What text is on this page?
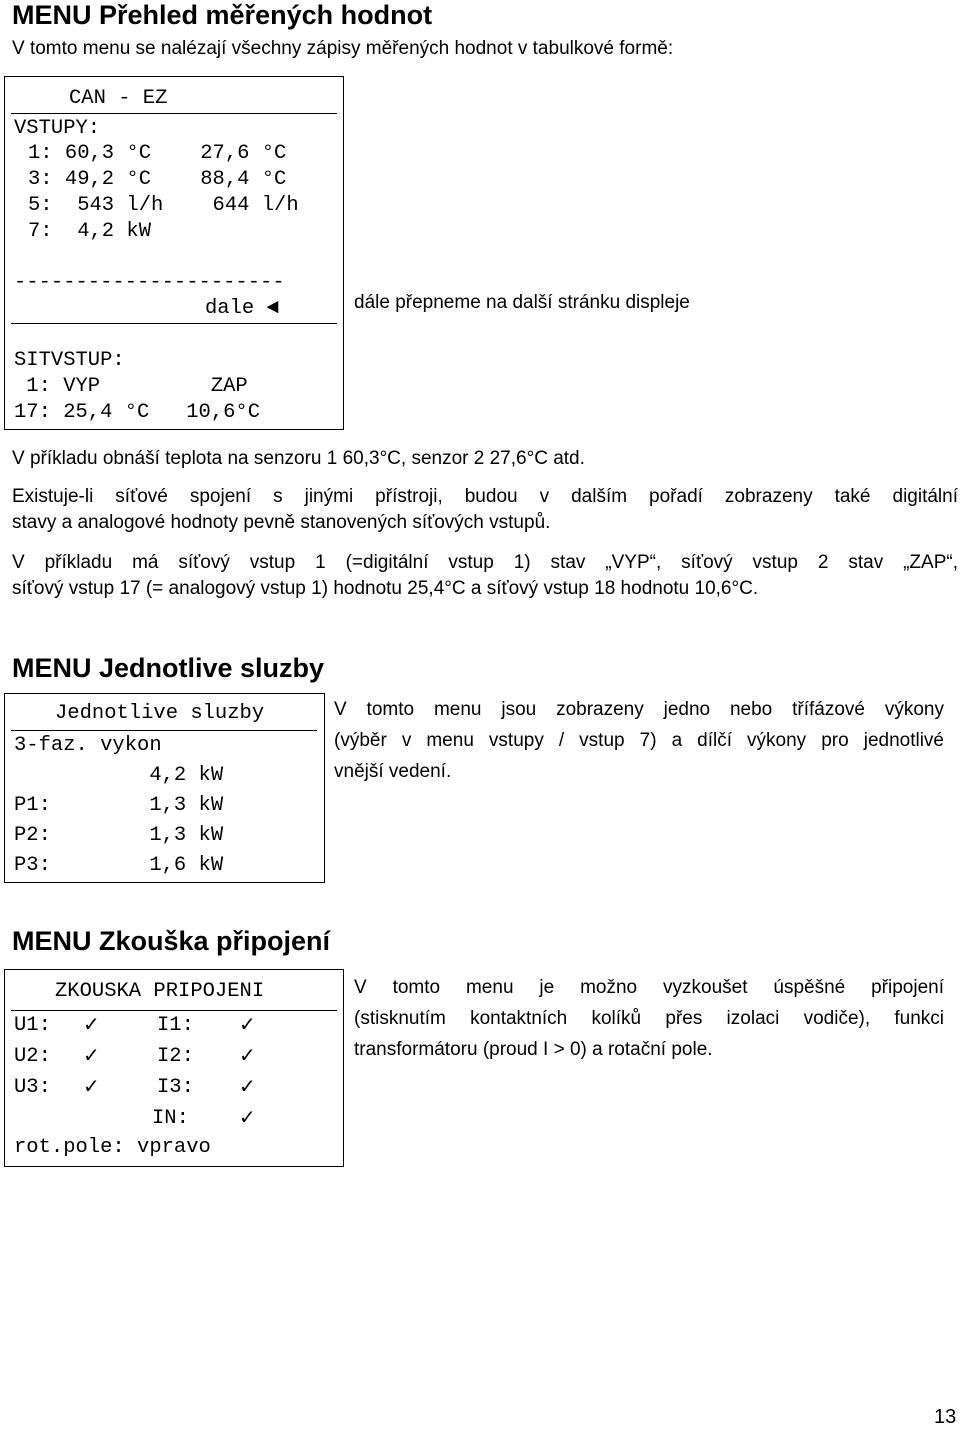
MENU Přehled měřených hodnot
V tomto menu se nalézají všechny zápisy měřených hodnot v tabulkové formě:
CAN - EZ
VSTUPY:
1: 60,3 °C    27,6 °C
3: 49,2 °C    88,4 °C
5:  543 l/h    644 l/h
7:  4,2 kW
----------------------
dale ◄
SITVSTUP:
1: VYP         ZAP
17: 25,4 °C   10,6°C
dále přepneme na další stránku displeje
V příkladu obnáší teplota na senzoru 1 60,3°C, senzor 2 27,6°C atd.
Existuje-li síťové spojení s jinými přístroji, budou v dalším pořadí zobrazeny také digitální
stavy a analogové hodnoty pevně stanovených síťových vstupů.
V příkladu má síťový vstup 1 (=digitální vstup 1) stav „VYP“, síťový vstup 2 stav „ZAP“,
síťový vstup 17 (= analogový vstup 1) hodnotu 25,4°C a síťový vstup 18 hodnotu 10,6°C.
MENU Jednotlive sluzby
Jednotlive sluzby
3-faz. vykon
4,2 kW
P1:        1,3 kW
P2:        1,3 kW
P3:        1,6 kW
V tomto menu jsou zobrazeny jedno nebo třífázové výkony
(výběr v menu vstupy / vstup 7) a dílčí výkony pro jednotlivé
vnější vedení.
MENU Zkouška připojení
ZKOUSKA PRIPOJENI
U1: ✓	I1: ✓
U2: ✓	I2: ✓
U3: ✓	I3: ✓
IN:	✓
rot.pole: vpravo
V tomto menu je možno vyzkoušet úspěšné připojení
(stisknutím kontaktních kolíků přes izolaci vodiče), funkci
transformátoru (proud I > 0) a rotační pole.
13
